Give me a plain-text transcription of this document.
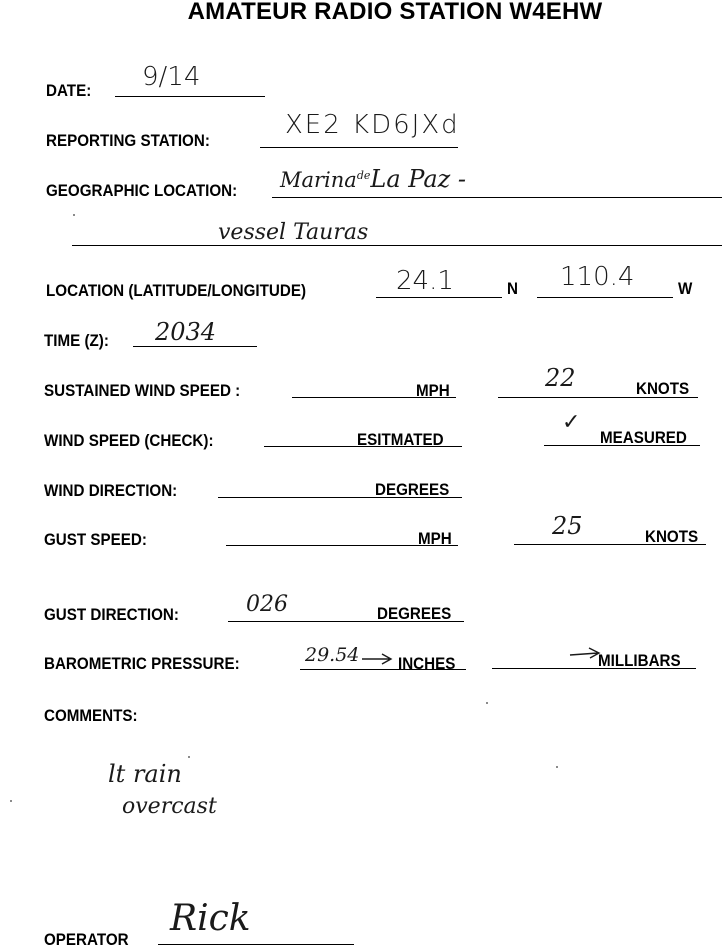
AMATEUR RADIO STATION W4EHW
DATE: 9/14
REPORTING STATION:
XE2 KD6JXd
GEOGRAPHIC LOCATION: Marina$^{de}$La Paz -
vessel Tauras
LOCATION (LATITUDE/LONGITUDE)	24.1	N 110.4	W
TIME (Z): 2034
SUSTAINED WIND SPEED :	MPH	22	KNOTS
WIND SPEED (CHECK):	ESITMATED
✓
MEASURED
WIND DIRECTION:	DEGREES
GUST SPEED:	MPH	25	KNOTS
GUST DIRECTION:	026	DEGREES
BAROMETRIC PRESSURE:	29.54 INCHES	MILLIBARS
COMMENTS:
lt rain
overcast
OPERATOR
Rick
